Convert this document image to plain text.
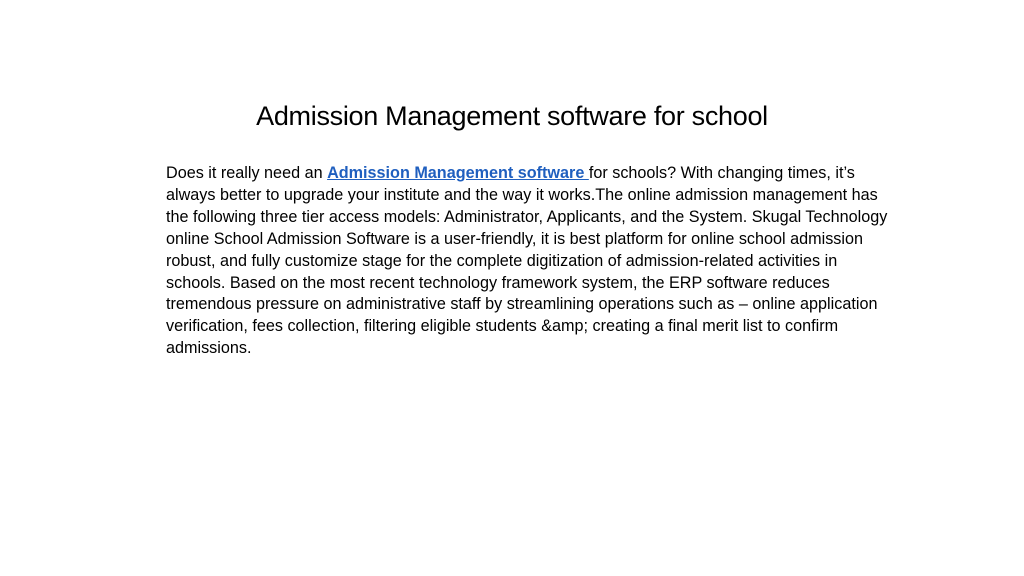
Admission Management software for school

Does it really need an Admission Management software for schools? With changing times, it’s always better to upgrade your institute and the way it works.The online admission management has the following three tier access models: Administrator, Applicants, and the System. Skugal Technology online School Admission Software is a user-friendly, it is best platform for online school admission robust, and fully customize stage for the complete digitization of admission-related activities in schools. Based on the most recent technology framework system, the ERP software reduces tremendous pressure on administrative staff by streamlining operations such as – online application verification, fees collection, filtering eligible students &amp; creating a final merit list to confirm admissions.
